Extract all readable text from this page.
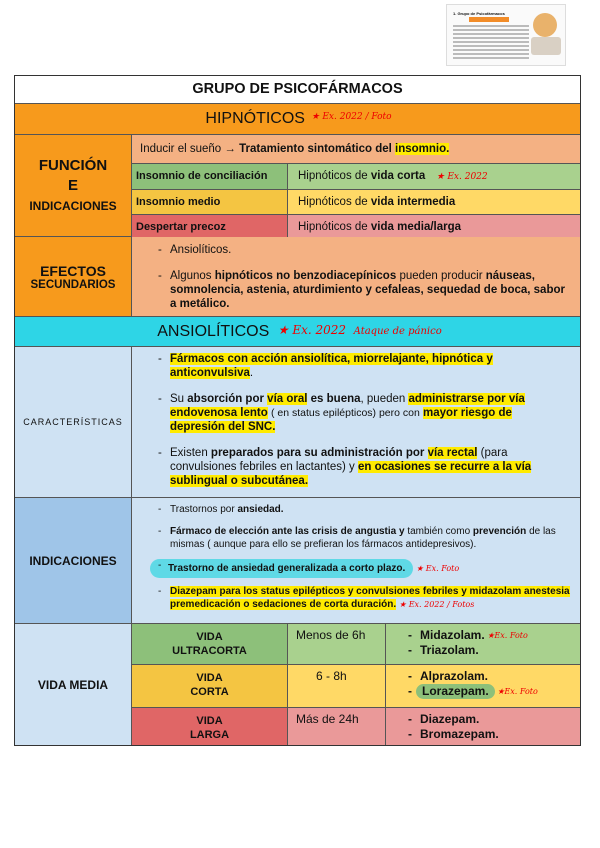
1. Grupo de Psicofármacos
GRUPO DE PSICOFÁRMACOS
HIPNÓTICOS $^{★ Ex. 2022 / Foto}$
FUNCIÓN
E
INDICACIONES
Inducir el sueño → Tratamiento sintomático del insomnio.
Insomnio de conciliación	Hipnóticos de vida corta ★ Ex. 2022
Insomnio medio	Hipnóticos de vida intermedia
Despertar precoz	Hipnóticos de vida media/larga
EFECTOS
SECUNDARIOS
- Ansiolíticos.
- Algunos hipnóticos no benzodiacepínicos pueden producir náuseas, somnolencia, astenia, aturdimiento y cefaleas, sequedad de boca, sabor a metálico.
ANSIOLÍTICOS ★ Ex. 2022 Ataque de pánico
CARACTERÍSTICAS
- Fármacos con acción ansiolítica, miorrelajante, hipnótica y anticonvulsiva.
- Su absorción por vía oral es buena, pueden administrarse por vía endovenosa lento ( en status epilépticos) pero con mayor riesgo de depresión del SNC.
- Existen preparados para su administración por vía rectal (para convulsiones febriles en lactantes) y en ocasiones se recurre a la vía sublingual o subcutánea.
INDICACIONES
- Trastornos por ansiedad.
- Fármaco de elección ante las crisis de angustia y también como prevención de las mismas ( aunque para ello se prefieran los fármacos antidepresivos).
- Trastorno de ansiedad generalizada a corto plazo. ★ Ex. Foto
- Diazepam para los status epilépticos y convulsiones febriles y midazolam anestesia premedicación o sedaciones de corta duración. ★ Ex. 2022 / Fotos
VIDA MEDIA
VIDA
ULTRACORTA
Menos de 6h	- Midazolam. $^{★Ex. Foto}$
- Triazolam.
VIDA
CORTA
6 - 8h	- Alprazolam.
- Lorazepam. $^{★Ex. Foto}$
VIDA
LARGA
Más de 24h	- Diazepam.
- Bromazepam.
